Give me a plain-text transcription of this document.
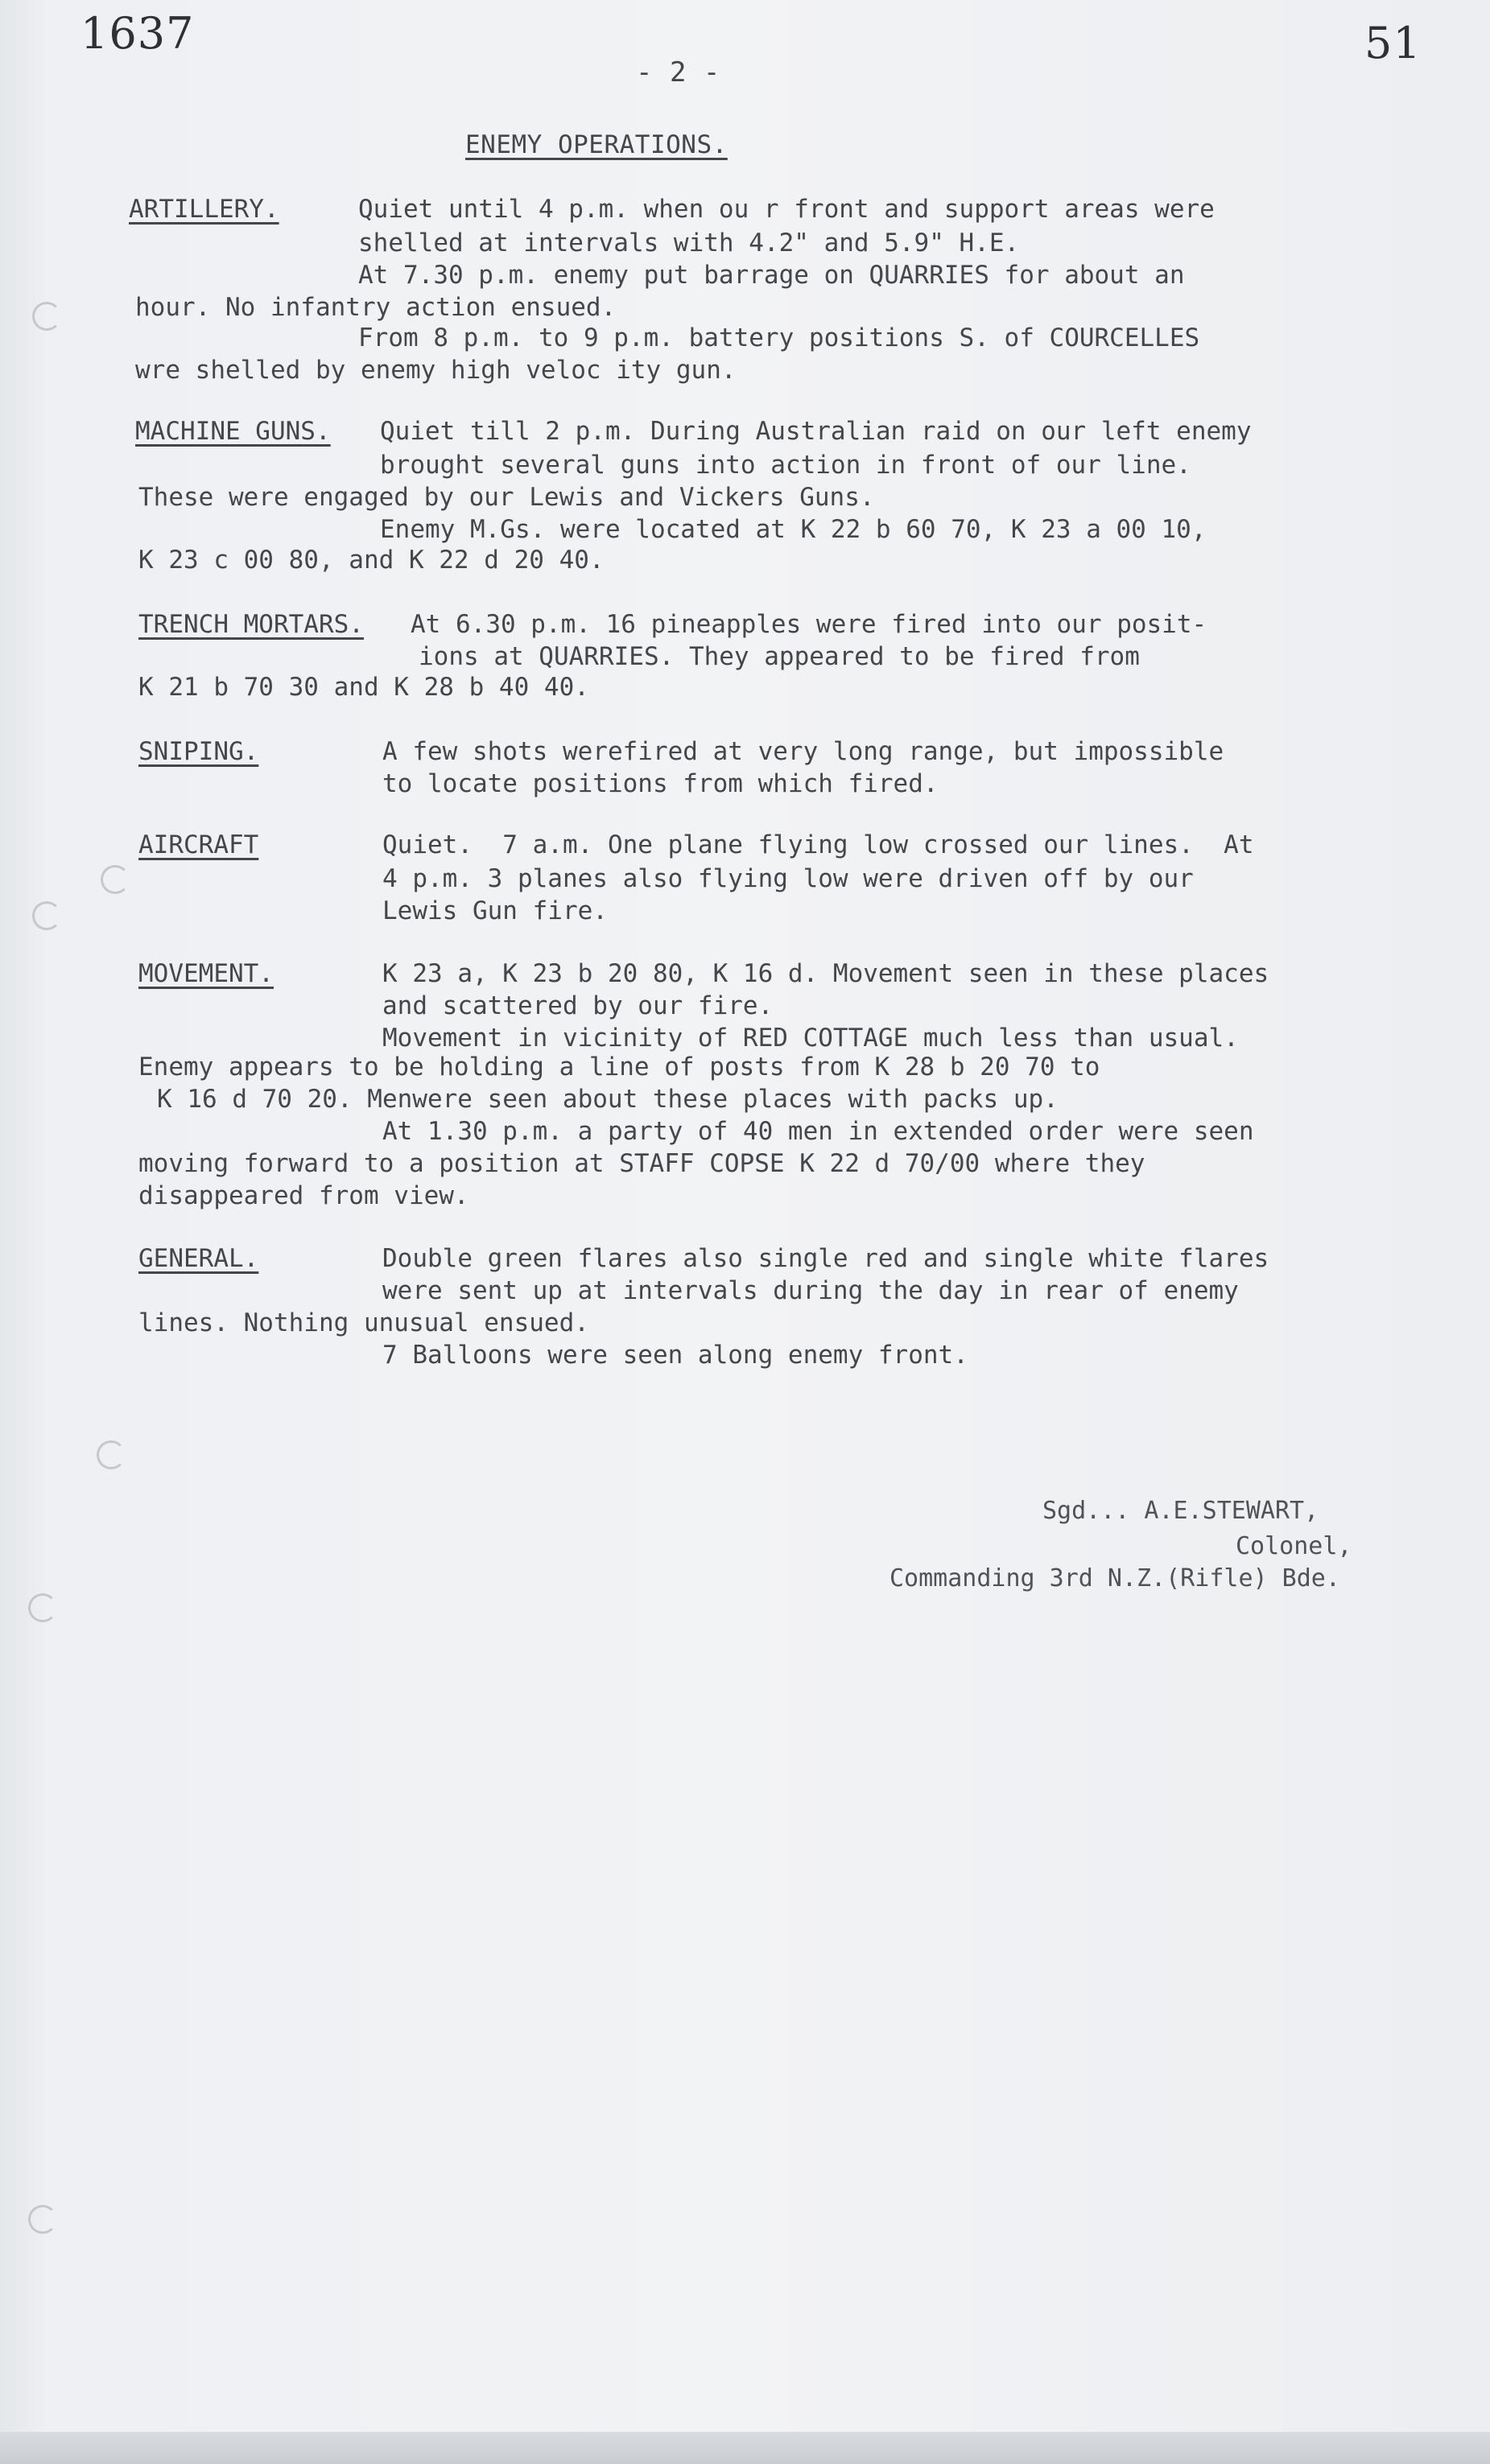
1637	51
- 2 -
ENEMY OPERATIONS.
ARTILLERY.	Quiet until 4 p.m. when ou r front and support areas were
shelled at intervals with 4.2" and 5.9" H.E.
At 7.30 p.m. enemy put barrage on QUARRIES for about an
hour. No infantry action ensued.
From 8 p.m. to 9 p.m. battery positions S. of COURCELLES
wre shelled by enemy high veloc ity gun.
MACHINE GUNS. Quiet till 2 p.m. During Australian raid on our left enemy
brought several guns into action in front of our line.
These were engaged by our Lewis and Vickers Guns.
Enemy M.Gs. were located at K 22 b 60 70, K 23 a 00 10,
K 23 c 00 80, and K 22 d 20 40.
TRENCH MORTARS. At 6.30 p.m. 16 pineapples were fired into our posit-
ions at QUARRIES. They appeared to be fired from
K 21 b 70 30 and K 28 b 40 40.
SNIPING.	A few shots werefired at very long range, but impossible
to locate positions from which fired.
AIRCRAFT	Quiet.  7 a.m. One plane flying low crossed our lines.  At
4 p.m. 3 planes also flying low were driven off by our
Lewis Gun fire.
MOVEMENT.	K 23 a, K 23 b 20 80, K 16 d. Movement seen in these places
and scattered by our fire.
Movement in vicinity of RED COTTAGE much less than usual.
Enemy appears to be holding a line of posts from K 28 b 20 70 to
K 16 d 70 20. Menwere seen about these places with packs up.
At 1.30 p.m. a party of 40 men in extended order were seen
moving forward to a position at STAFF COPSE K 22 d 70/00 where they
disappeared from view.
GENERAL.	Double green flares also single red and single white flares
were sent up at intervals during the day in rear of enemy
lines. Nothing unusual ensued.
7 Balloons were seen along enemy front.
Sgd... A.E.STEWART,
Colonel,
Commanding 3rd N.Z.(Rifle) Bde.
